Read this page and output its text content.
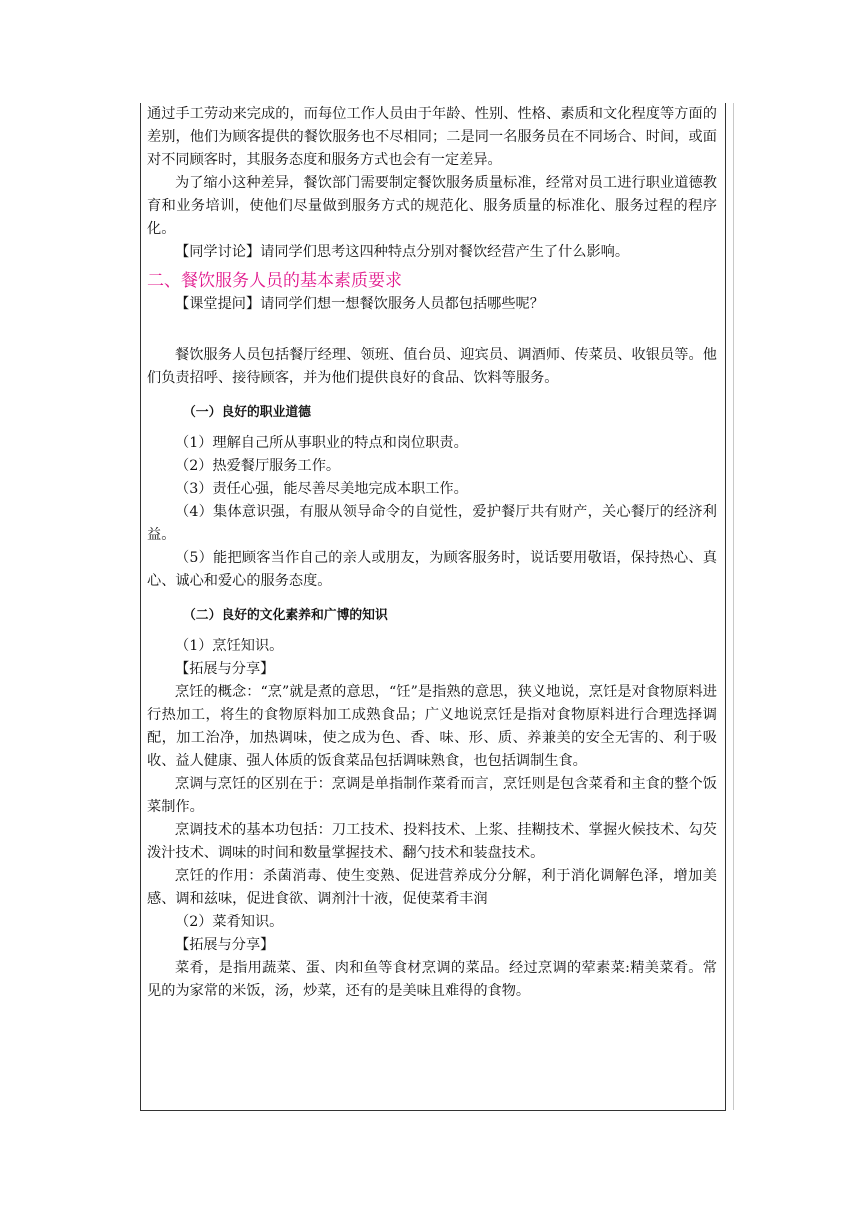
通过手工劳动来完成的，而每位工作人员由于年龄、性别、性格、素质和文化程度等方面的差别，他们为顾客提供的餐饮服务也不尽相同；二是同一名服务员在不同场合、时间，或面对不同顾客时，其服务态度和服务方式也会有一定差异。

为了缩小这种差异，餐饮部门需要制定餐饮服务质量标准，经常对员工进行职业道德教育和业务培训，使他们尽量做到服务方式的规范化、服务质量的标准化、服务过程的程序化。

【同学讨论】请同学们思考这四种特点分别对餐饮经营产生了什么影响。

二、餐饮服务人员的基本素质要求

【课堂提问】请同学们想一想餐饮服务人员都包括哪些呢？

餐饮服务人员包括餐厅经理、领班、值台员、迎宾员、调酒师、传菜员、收银员等。他们负责招呼、接待顾客，并为他们提供良好的食品、饮料等服务。

（一）良好的职业道德

（1）理解自己所从事职业的特点和岗位职责。

（2）热爱餐厅服务工作。

（3）责任心强，能尽善尽美地完成本职工作。

（4）集体意识强，有服从领导命令的自觉性，爱护餐厅共有财产，关心餐厅的经济利益。

（5）能把顾客当作自己的亲人或朋友，为顾客服务时，说话要用敬语，保持热心、真心、诚心和爱心的服务态度。

（二）良好的文化素养和广博的知识

（1）烹饪知识。

【拓展与分享】

烹饪的概念：“烹”就是煮的意思，“饪”是指熟的意思，狭义地说，烹饪是对食物原料进行热加工，将生的食物原料加工成熟食品；广义地说烹饪是指对食物原料进行合理选择调配，加工治净，加热调味，使之成为色、香、味、形、质、养兼美的安全无害的、利于吸收、益人健康、强人体质的饭食菜品包括调味熟食，也包括调制生食。

烹调与烹饪的区别在于：烹调是单指制作菜肴而言，烹饪则是包含菜肴和主食的整个饭菜制作。

烹调技术的基本功包括：刀工技术、投料技术、上浆、挂糊技术、掌握火候技术、勾芡泼汁技术、调味的时间和数量掌握技术、翻勺技术和装盘技术。

烹饪的作用：杀菌消毒、使生变熟、促进营养成分分解，利于消化调解色泽，增加美感、调和兹味，促进食欲、调剂汁十液，促使菜肴丰润

（2）菜肴知识。

【拓展与分享】

菜肴，是指用蔬菜、蛋、肉和鱼等食材烹调的菜品。经过烹调的荤素菜:精美菜肴。常见的为家常的米饭，汤，炒菜，还有的是美味且难得的食物。
